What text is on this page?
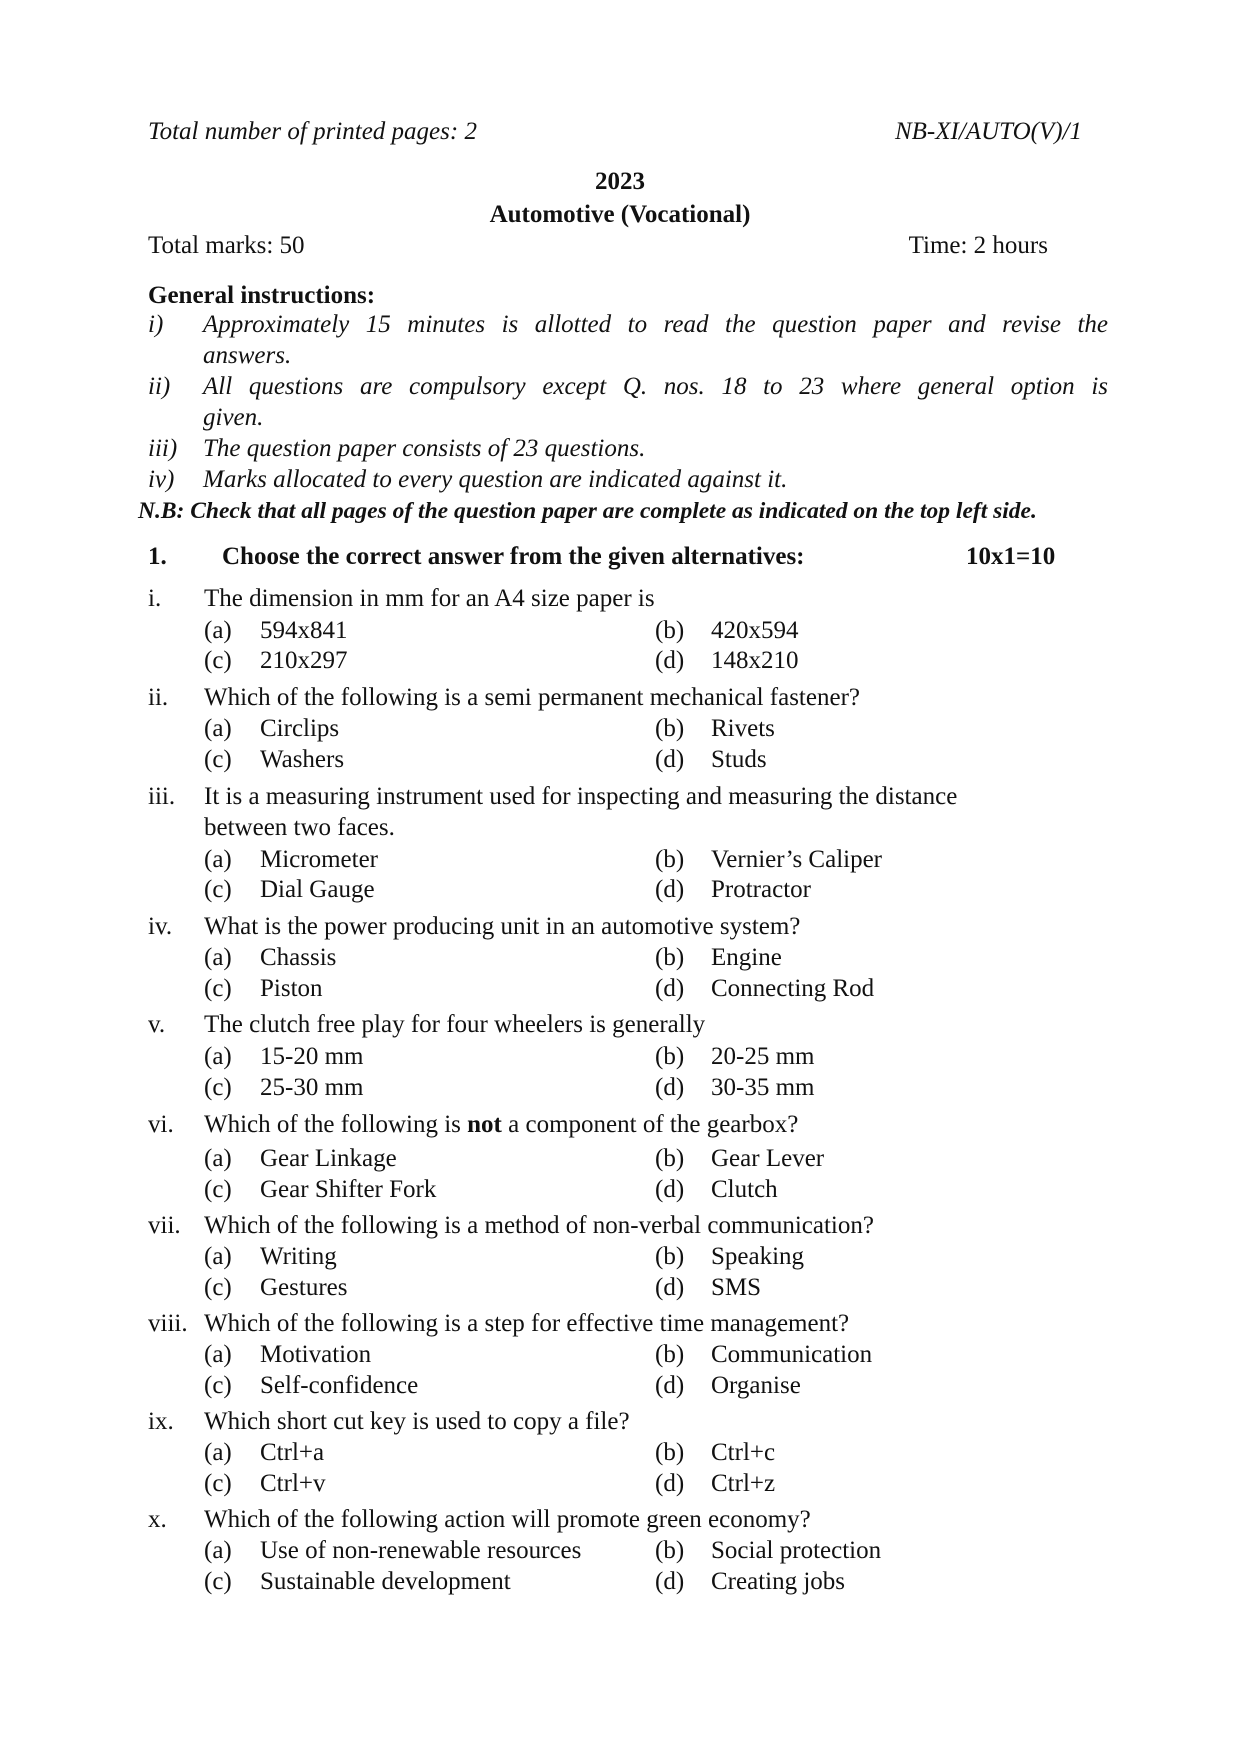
Total number of printed pages: 2	NB-XI/AUTO(V)/1
2023
Automotive (Vocational)
Total marks: 50	Time: 2 hours
General instructions:
i) Approximately 15 minutes is allotted to read the question paper and revise the
answers.
ii) All questions are compulsory except Q. nos. 18 to 23 where general option is
given.
iii) The question paper consists of 23 questions.
iv) Marks allocated to every question are indicated against it.
N.B: Check that all pages of the question paper are complete as indicated on the top left side.
1. Choose the correct answer from the given alternatives:	10x1=10
i. The dimension in mm for an A4 size paper is
(a) 594x841	(b) 420x594
(c) 210x297	(d) 148x210
ii. Which of the following is a semi permanent mechanical fastener?
(a) Circlips	(b) Rivets
(c) Washers	(d) Studs
iii. It is a measuring instrument used for inspecting and measuring the distance
between two faces.
(a) Micrometer	(b) Vernier’s Caliper
(c) Dial Gauge	(d) Protractor
iv. What is the power producing unit in an automotive system?
(a) Chassis	(b) Engine
(c) Piston	(d) Connecting Rod
v. The clutch free play for four wheelers is generally
(a) 15-20 mm	(b) 20-25 mm
(c) 25-30 mm	(d) 30-35 mm
vi. Which of the following is not a component of the gearbox?
(a) Gear Linkage	(b) Gear Lever
(c) Gear Shifter Fork	(d) Clutch
vii. Which of the following is a method of non-verbal communication?
(a) Writing	(b) Speaking
(c) Gestures	(d) SMS
viii. Which of the following is a step for effective time management?
(a) Motivation	(b) Communication
(c) Self-confidence	(d) Organise
ix. Which short cut key is used to copy a file?
(a) Ctrl+a	(b) Ctrl+c
(c) Ctrl+v	(d) Ctrl+z
x. Which of the following action will promote green economy?
(a) Use of non-renewable resources	(b) Social protection
(c) Sustainable development	(d) Creating jobs
